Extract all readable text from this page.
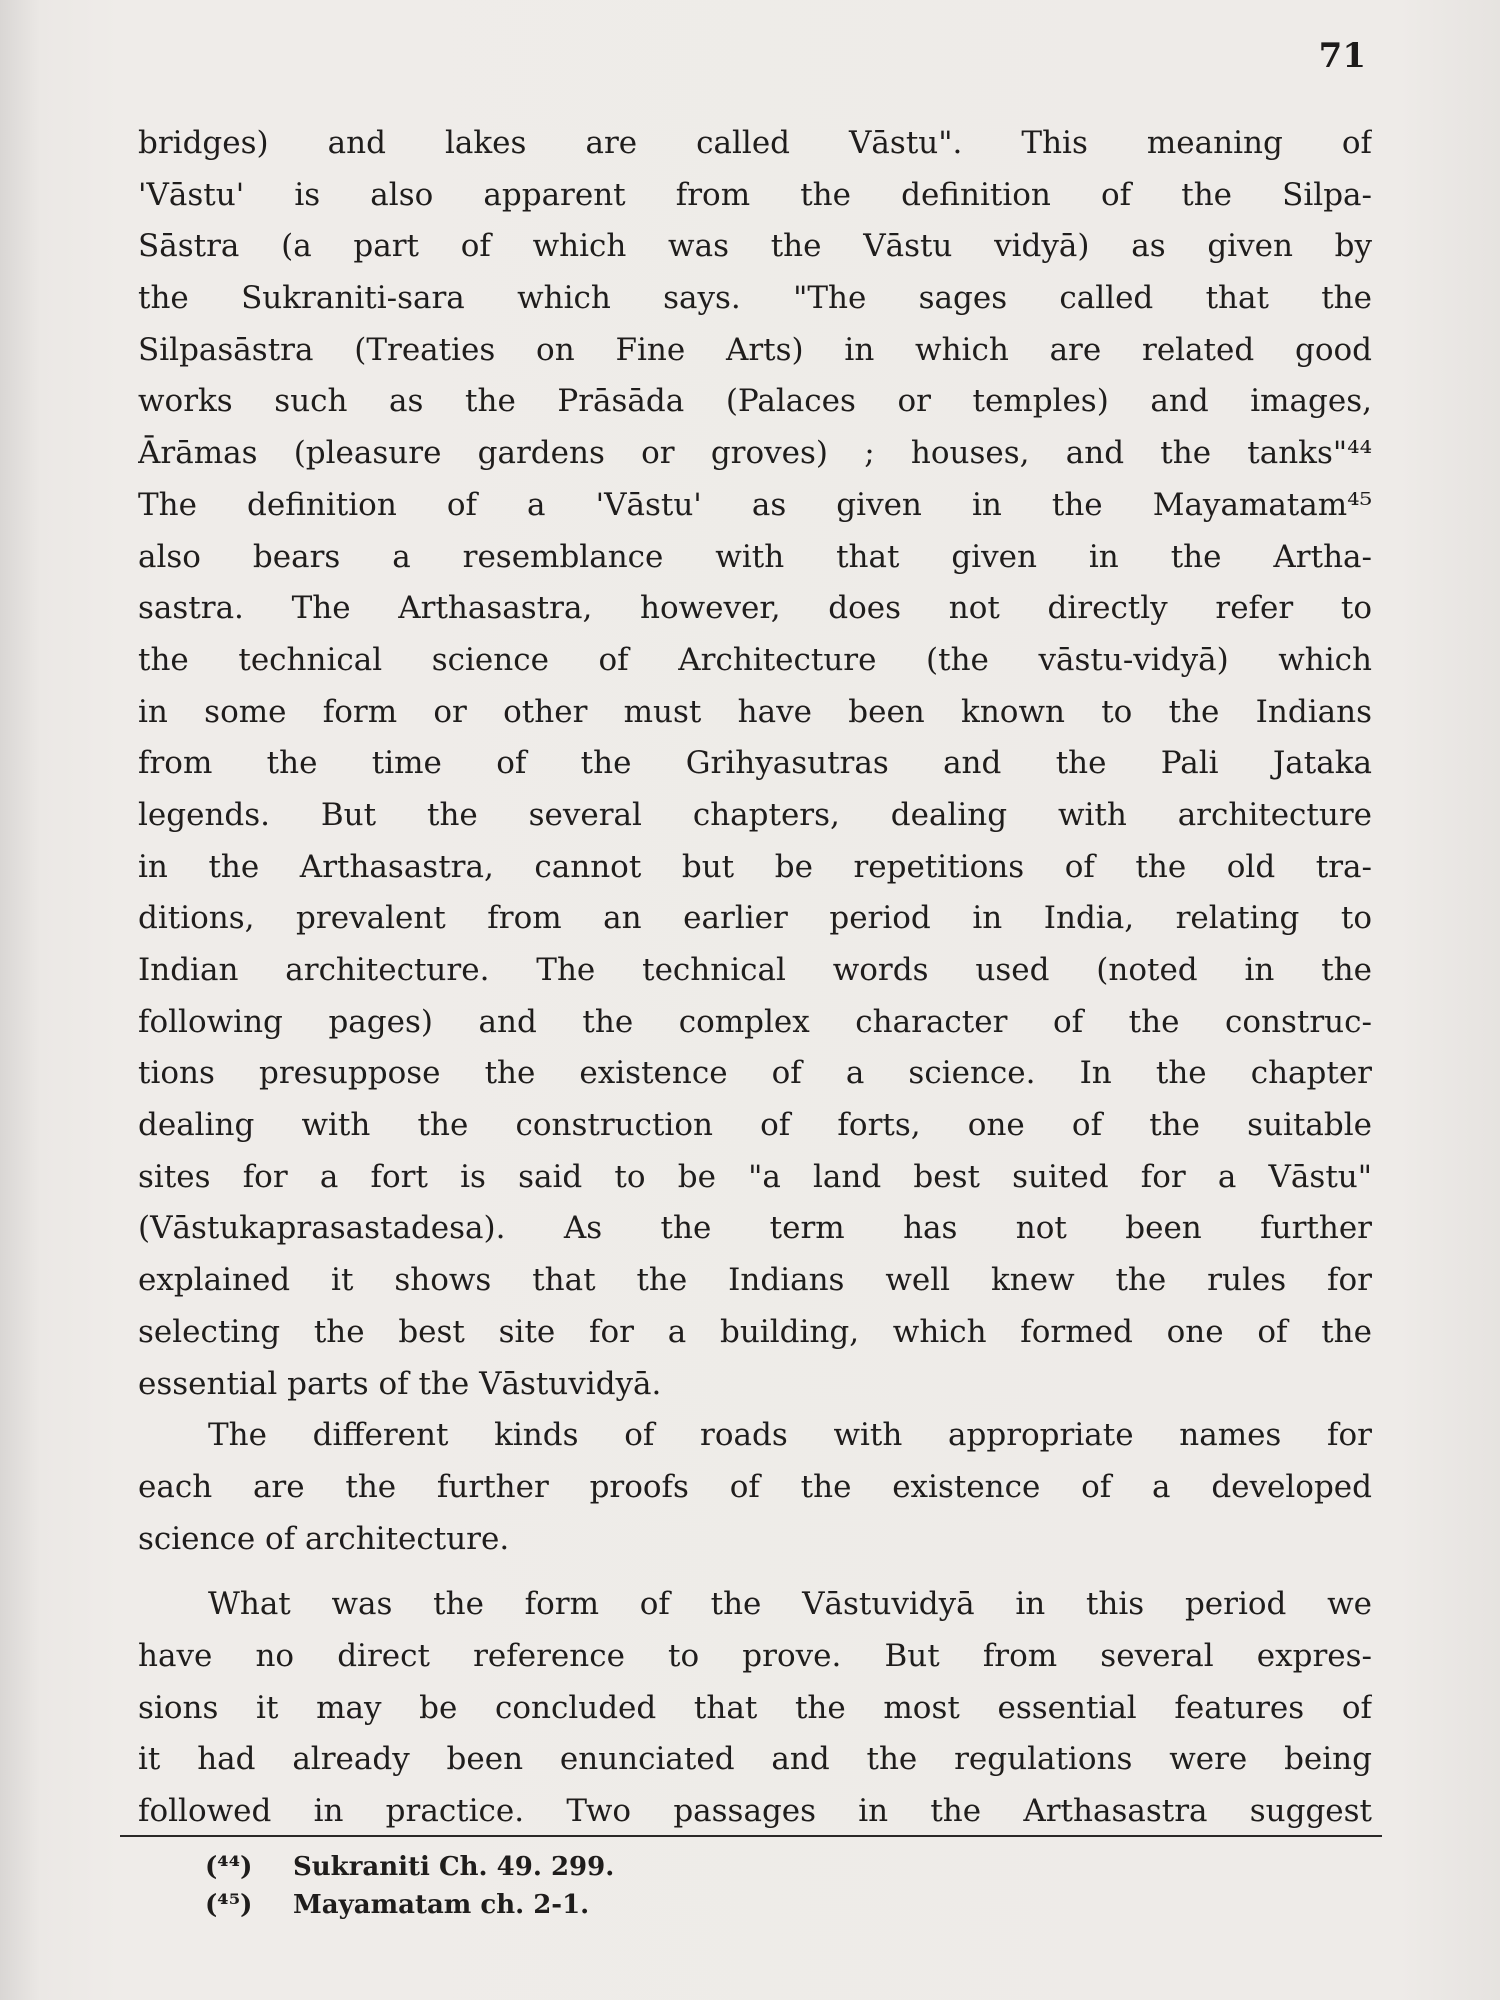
71

bridges) and lakes are called Vāstu". This meaning of
'Vāstu' is also apparent from the definition of the Silpa-
Sāstra (a part of which was the Vāstu vidyā) as given by
the Sukraniti-sara which says. "The sages called that the
Silpasāstra (Treaties on Fine Arts) in which are related good
works such as the Prāsāda (Palaces or temples) and images,
Ārāmas (pleasure gardens or groves) ; houses, and the tanks"⁴⁴
The definition of a 'Vāstu' as given in the Mayamatam⁴⁵
also bears a resemblance with that given in the Artha-
sastra. The Arthasastra, however, does not directly refer to
the technical science of Architecture (the vāstu-vidyā) which
in some form or other must have been known to the Indians
from the time of the Grihyasutras and the Pali Jataka
legends. But the several chapters, dealing with architecture
in the Arthasastra, cannot but be repetitions of the old tra-
ditions, prevalent from an earlier period in India, relating to
Indian architecture. The technical words used (noted in the
following pages) and the complex character of the construc-
tions presuppose the existence of a science. In the chapter
dealing with the construction of forts, one of the suitable
sites for a fort is said to be "a land best suited for a Vāstu"
(Vāstukaprasastadesa). As the term has not been further
explained it shows that the Indians well knew the rules for
selecting the best site for a building, which formed one of the
essential parts of the Vāstuvidyā.
The different kinds of roads with appropriate names for
each are the further proofs of the existence of a developed
science of architecture.
What was the form of the Vāstuvidyā in this period we
have no direct reference to prove. But from several expres-
sions it may be concluded that the most essential features of
it had already been enunciated and the regulations were being
followed in practice. Two passages in the Arthasastra suggest
(⁴⁴) Sukraniti Ch. 49. 299.
(⁴⁵) Mayamatam ch. 2-1.
